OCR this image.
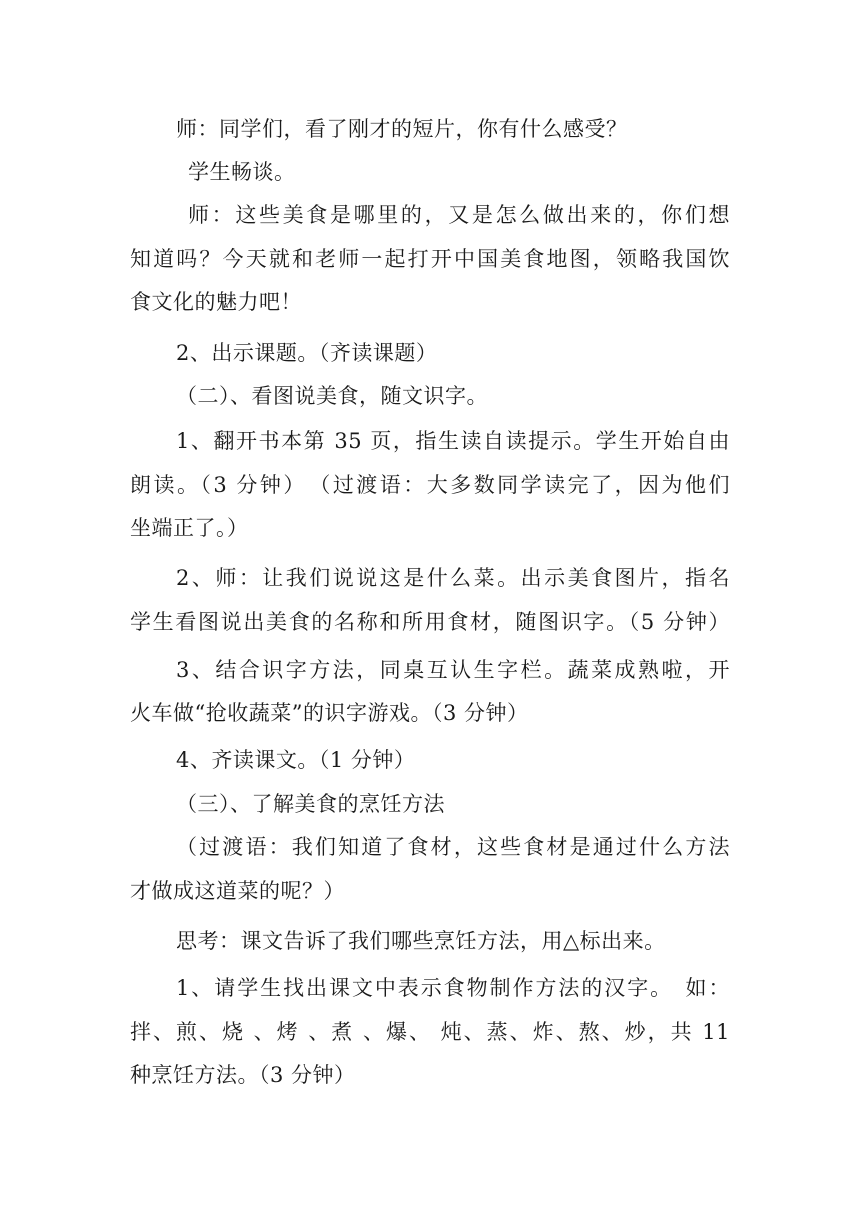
师：同学们，看了刚才的短片，你有什么感受？
学生畅谈。
师：这些美食是哪里的，又是怎么做出来的，你们想
知道吗？今天就和老师一起打开中国美食地图，领略我国饮
食文化的魅力吧！
2、出示课题。（齐读课题）
（二）、看图说美食，随文识字。
1、翻开书本第 35 页，指生读自读提示。学生开始自由
朗读。（3 分钟）　（过渡语：大多数同学读完了，因为他们
坐端正了。）
2、师：让我们说说这是什么菜。出示美食图片，指名
学生看图说出美食的名称和所用食材，随图识字。（5 分钟）
3、结合识字方法，同桌互认生字栏。蔬菜成熟啦，开
火车做“抢收蔬菜”的识字游戏。（3 分钟）
4、齐读课文。（1 分钟）
（三）、了解美食的烹饪方法
（过渡语：我们知道了食材，这些食材是通过什么方法
才做成这道菜的呢？）
思考：课文告诉了我们哪些烹饪方法，用△标出来。
1、请学生找出课文中表示食物制作方法的汉字。　如：
拌、煎、烧 、烤 、煮 、爆、 炖、蒸、炸、熬、炒，共 11
种烹饪方法。（3 分钟）
